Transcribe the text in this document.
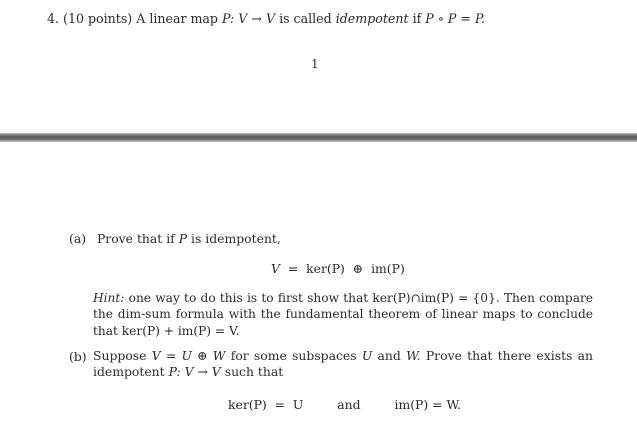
4. (10 points) A linear map P: V → V is called idempotent if P ∘ P = P.
1
(a) Prove that if P is idempotent,
V = ker(P) ⊕ im(P)
Hint: one way to do this is to first show that ker(P)∩im(P) = {0}. Then compare the dim-sum formula with the fundamental theorem of linear maps to conclude that ker(P) + im(P) = V.
(b) Suppose V = U ⊕ W for some subspaces U and W. Prove that there exists an idempotent P: V → V such that
ker(P)  =  U	and	im(P) = W.
